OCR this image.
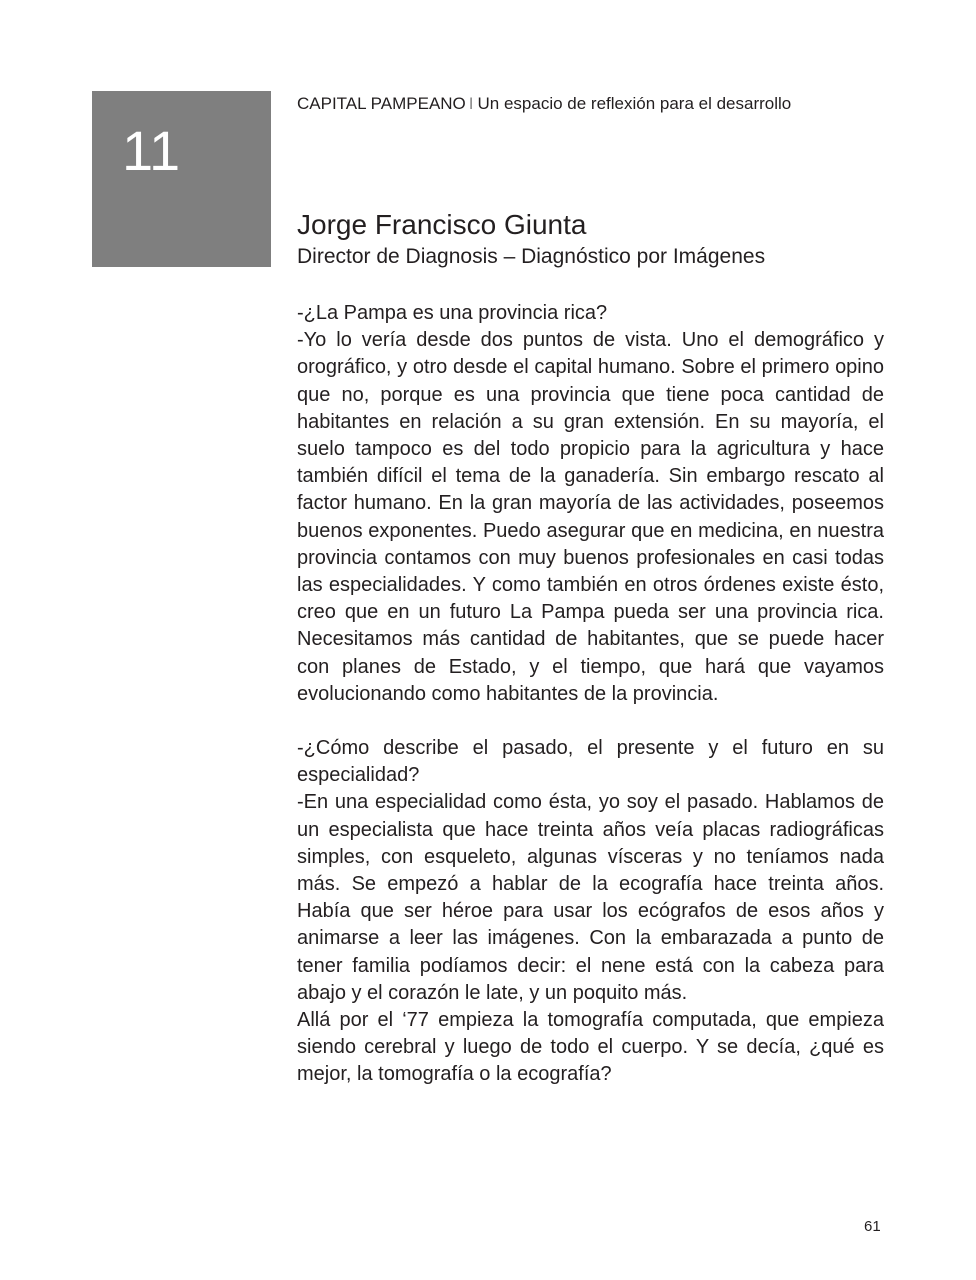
11
CAPITAL PAMPEANO I Un espacio de reflexión para el desarrollo
Jorge Francisco Giunta
Director de Diagnosis – Diagnóstico por Imágenes

-¿La Pampa es una provincia rica?

-Yo lo vería desde dos puntos de vista. Uno el demográfico y orográfico, y otro desde el capital humano. Sobre el primero opino que no, porque es una provincia que tiene poca cantidad de habitantes en relación a su gran extensión. En su mayoría, el suelo tampoco es del todo propicio para la agricultura y hace también difícil el tema de la ganadería. Sin embargo rescato al factor humano. En la gran mayoría de las actividades, poseemos buenos exponentes. Puedo asegurar que en medicina, en nuestra provincia contamos con muy buenos profesionales en casi todas las especialidades. Y como también en otros órdenes existe ésto, creo que en un futuro La Pampa pueda ser una provincia rica. Necesitamos más cantidad de habitantes, que se puede hacer con planes de Estado, y el tiempo, que hará que vayamos evolucionando como habitantes de la provincia.

-¿Cómo describe el pasado, el presente y el futuro en su especialidad?

-En una especialidad como ésta, yo soy el pasado. Hablamos de un especialista que hace treinta años veía placas radiográficas simples, con esqueleto, algunas vísceras y no teníamos nada más. Se empezó a hablar de la ecografía hace treinta años. Había que ser héroe para usar los ecógrafos de esos años y animarse a leer las imágenes. Con la embarazada a punto de tener familia podíamos decir: el nene está con la cabeza para abajo y el corazón le late, y un poquito más.

Allá por el ‘77 empieza la tomografía computada, que empieza siendo cerebral y luego de todo el cuerpo. Y se decía, ¿qué es mejor, la tomografía o la ecografía?

61
